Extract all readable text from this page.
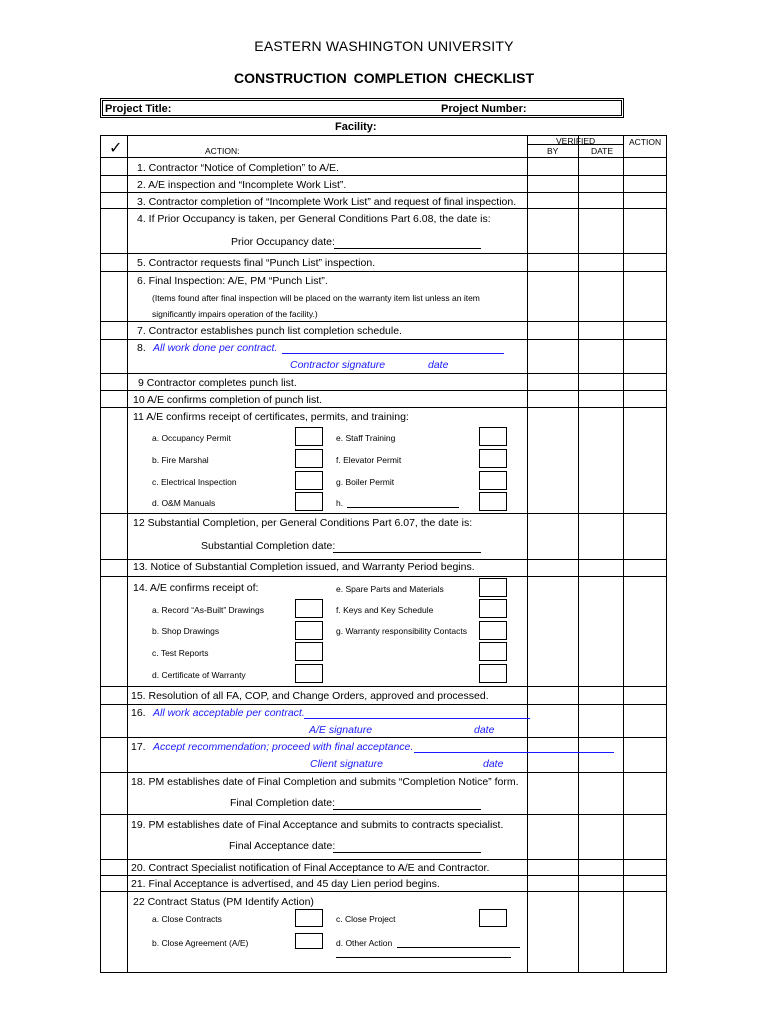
EASTERN WASHINGTON UNIVERSITY
CONSTRUCTION COMPLETION CHECKLIST
Project Title:	Project Number:
Facility:
✓	ACTION:
VERIFIED
BY	DATE
ACTION
1. Contractor “Notice of Completion” to A/E.
2. A/E inspection and “Incomplete Work List”.
3. Contractor completion of “Incomplete Work List” and request of final inspection.
4. If Prior Occupancy is taken, per General Conditions Part 6.08, the date is:
Prior Occupancy date:
5. Contractor requests final “Punch List” inspection.
6. Final Inspection: A/E, PM “Punch List”.
(Items found after final inspection will be placed on the warranty item list unless an item
significantly impairs operation of the facility.)
7. Contractor establishes punch list completion schedule.
8. All work done per contract.
Contractor signature	date
9 Contractor completes punch list.
10 A/E confirms completion of punch list.
11 A/E confirms receipt of certificates, permits, and training:
a. Occupancy Permit
b. Fire Marshal
c. Electrical Inspection
d. O&M Manuals
e. Staff Training
f. Elevator Permit
g. Boiler Permit
h.
12 Substantial Completion, per General Conditions Part 6.07, the date is:
Substantial Completion date:
13. Notice of Substantial Completion issued, and Warranty Period begins.
14. A/E confirms receipt of:
a. Record “As-Built” Drawings
b. Shop Drawings
c. Test Reports
d. Certificate of Warranty
e. Spare Parts and Materials
f. Keys and Key Schedule
g. Warranty responsibility Contacts
15. Resolution of all FA, COP, and Change Orders, approved and processed.
16. All work acceptable per contract.
A/E signature	date
17. Accept recommendation; proceed with final acceptance.
Client signature	date
18. PM establishes date of Final Completion and submits “Completion Notice” form.
Final Completion date:
19. PM establishes date of Final Acceptance and submits to contracts specialist.
Final Acceptance date:
20. Contract Specialist notification of Final Acceptance to A/E and Contractor.
21. Final Acceptance is advertised, and 45 day Lien period begins.
22 Contract Status (PM Identify Action)
a. Close Contracts
b. Close Agreement (A/E)
c. Close Project
d. Other Action
